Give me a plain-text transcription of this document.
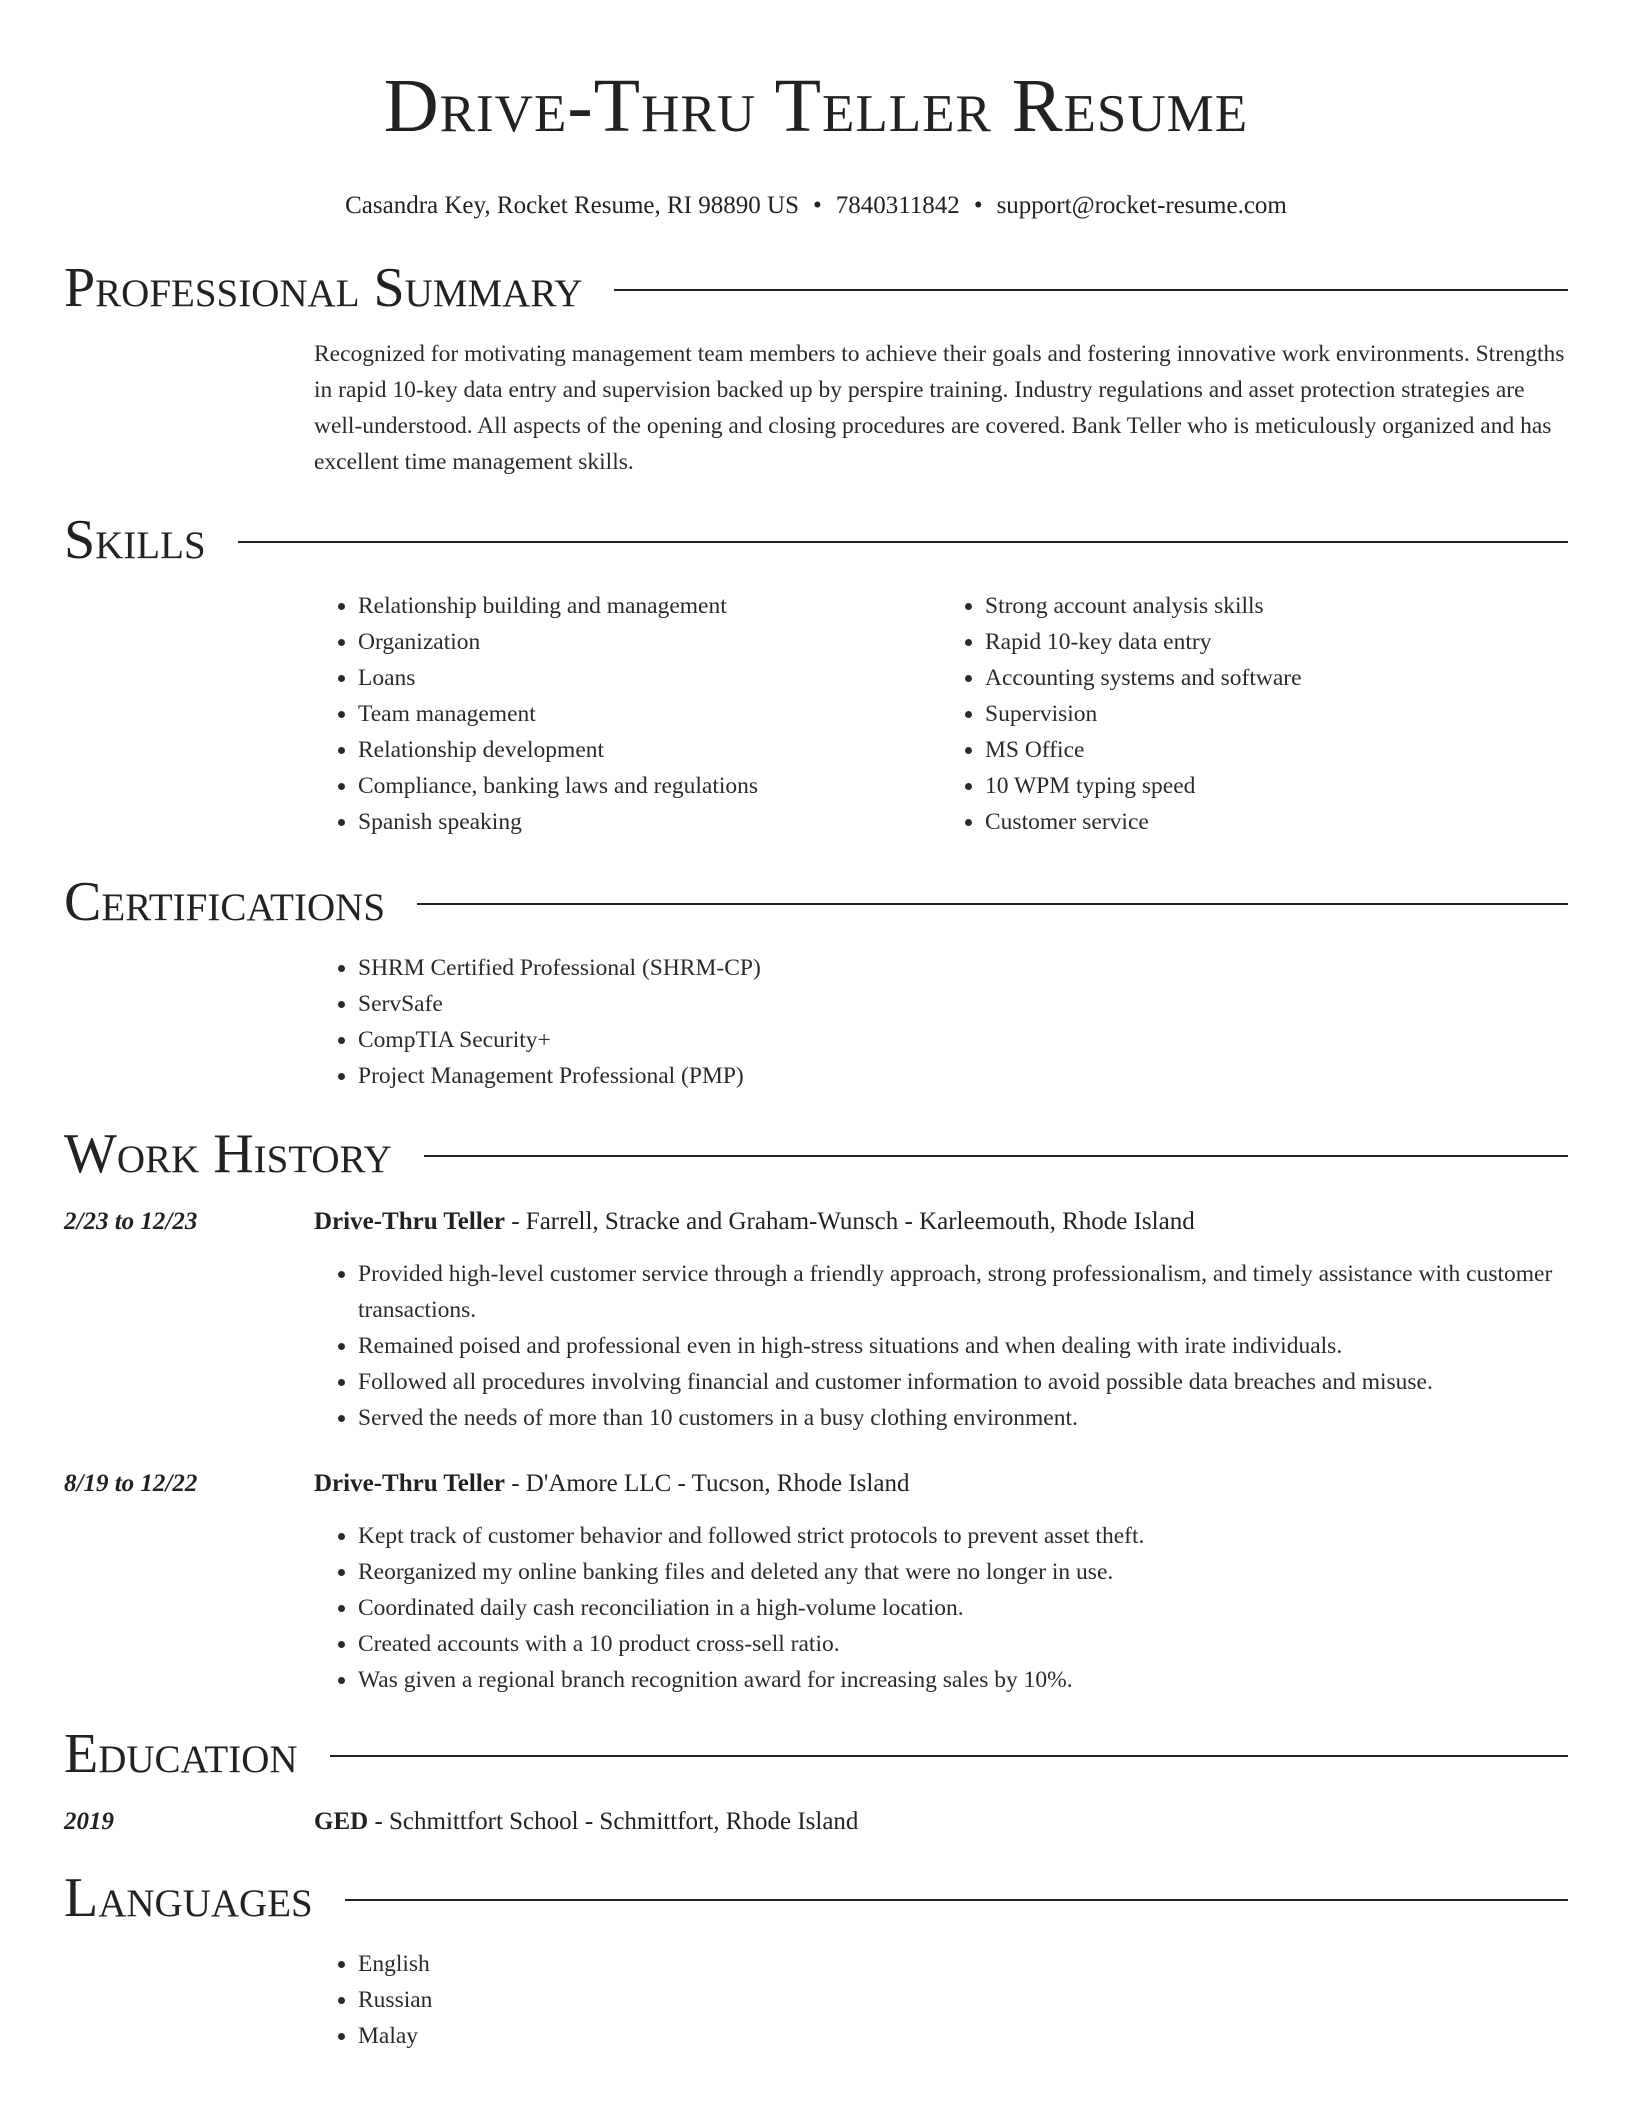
Drive-Thru Teller Resume
Casandra Key, Rocket Resume, RI 98890 US • 7840311842 • support@rocket-resume.com
Professional Summary
Recognized for motivating management team members to achieve their goals and fostering innovative work environments. Strengths in rapid 10-key data entry and supervision backed up by perspire training. Industry regulations and asset protection strategies are well-understood. All aspects of the opening and closing procedures are covered. Bank Teller who is meticulously organized and has excellent time management skills.
Skills
• Relationship building and management
• Organization
• Loans
• Team management
• Relationship development
• Compliance, banking laws and regulations
• Spanish speaking
• Strong account analysis skills
• Rapid 10-key data entry
• Accounting systems and software
• Supervision
• MS Office
• 10 WPM typing speed
• Customer service
Certifications
• SHRM Certified Professional (SHRM-CP)
• ServSafe
• CompTIA Security+
• Project Management Professional (PMP)
Work History
2/23 to 12/23	Drive-Thru Teller - Farrell, Stracke and Graham-Wunsch - Karleemouth, Rhode Island
• Provided high-level customer service through a friendly approach, strong professionalism, and timely assistance with customer transactions.
• Remained poised and professional even in high-stress situations and when dealing with irate individuals.
• Followed all procedures involving financial and customer information to avoid possible data breaches and misuse.
• Served the needs of more than 10 customers in a busy clothing environment.
8/19 to 12/22	Drive-Thru Teller - D'Amore LLC - Tucson, Rhode Island
• Kept track of customer behavior and followed strict protocols to prevent asset theft.
• Reorganized my online banking files and deleted any that were no longer in use.
• Coordinated daily cash reconciliation in a high-volume location.
• Created accounts with a 10 product cross-sell ratio.
• Was given a regional branch recognition award for increasing sales by 10%.
Education
2019	GED - Schmittfort School - Schmittfort, Rhode Island
Languages
• English
• Russian
• Malay
